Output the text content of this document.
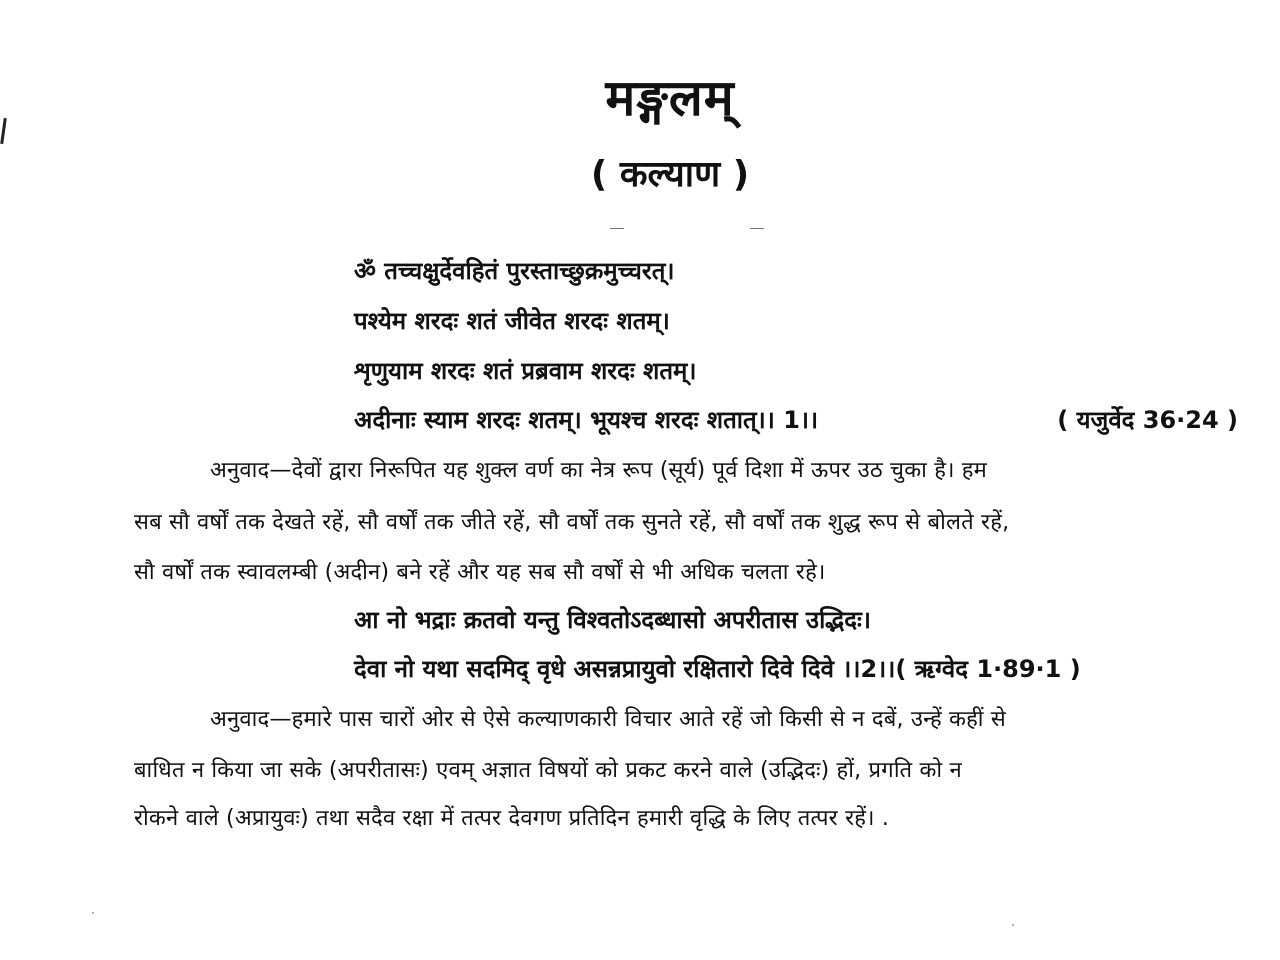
मङ्गलम्
( कल्याण )
ॐ तच्चक्षुर्देवहितं पुरस्ताच्छुक्रमुच्चरत्।
पश्येम शरदः शतं जीवेत शरदः शतम्।
शृणुयाम शरदः शतं प्रब्रवाम शरदः शतम्।
अदीनाः स्याम शरदः शतम्। भूयश्च शरदः शतात्।। 1।।	( यजुर्वेद 36·24 )
अनुवाद—देवों द्वारा निरूपित यह शुक्ल वर्ण का नेत्र रूप (सूर्य) पूर्व दिशा में ऊपर उठ चुका है। हम
सब सौ वर्षों तक देखते रहें, सौ वर्षों तक जीते रहें, सौ वर्षों तक सुनते रहें, सौ वर्षों तक शुद्ध रूप से बोलते रहें,
सौ वर्षों तक स्वावलम्बी (अदीन) बने रहें और यह सब सौ वर्षों से भी अधिक चलता रहे।
आ नो भद्राः क्रतवो यन्तु विश्वतोऽदब्धासो अपरीतास उद्भिदः।
देवा नो यथा सदमिद् वृधे असन्नप्रायुवो रक्षितारो दिवे दिवे ।।2।।( ऋग्वेद 1·89·1 )
अनुवाद—हमारे पास चारों ओर से ऐसे कल्याणकारी विचार आते रहें जो किसी से न दबें, उन्हें कहीं से
बाधित न किया जा सके (अपरीतासः) एवम् अज्ञात विषयों को प्रकट करने वाले (उद्भिदः) हों, प्रगति को न
रोकने वाले (अप्रायुवः) तथा सदैव रक्षा में तत्पर देवगण प्रतिदिन हमारी वृद्धि के लिए तत्पर रहें। .
